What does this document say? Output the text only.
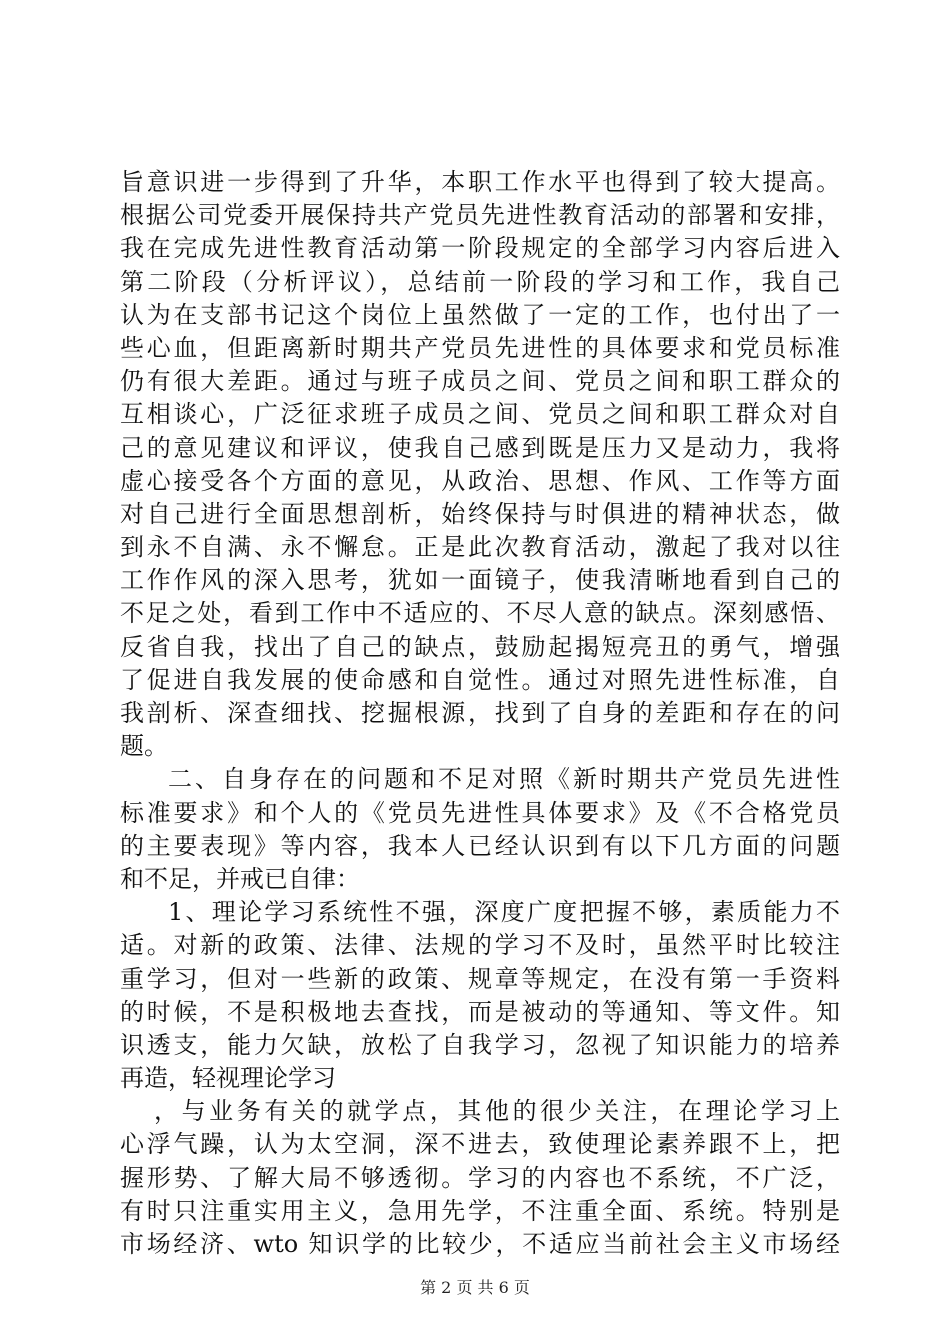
旨意识进一步得到了升华，本职工作水平也得到了较大提高。
根据公司党委开展保持共产党员先进性教育活动的部署和安排，
我在完成先进性教育活动第一阶段规定的全部学习内容后进入
第二阶段（分析评议），总结前一阶段的学习和工作，我自己
认为在支部书记这个岗位上虽然做了一定的工作，也付出了一
些心血，但距离新时期共产党员先进性的具体要求和党员标准
仍有很大差距。通过与班子成员之间、党员之间和职工群众的
互相谈心，广泛征求班子成员之间、党员之间和职工群众对自
己的意见建议和评议，使我自己感到既是压力又是动力，我将
虚心接受各个方面的意见，从政治、思想、作风、工作等方面
对自己进行全面思想剖析，始终保持与时俱进的精神状态，做
到永不自满、永不懈怠。正是此次教育活动，激起了我对以往
工作作风的深入思考，犹如一面镜子，使我清晰地看到自己的
不足之处，看到工作中不适应的、不尽人意的缺点。深刻感悟、
反省自我，找出了自己的缺点，鼓励起揭短亮丑的勇气，增强
了促进自我发展的使命感和自觉性。通过对照先进性标准，自
我剖析、深查细找、挖掘根源，找到了自身的差距和存在的问
题。
二、自身存在的问题和不足对照《新时期共产党员先进性
标准要求》和个人的《党员先进性具体要求》及《不合格党员
的主要表现》等内容，我本人已经认识到有以下几方面的问题
和不足，并戒已自律：
1、理论学习系统性不强，深度广度把握不够，素质能力不
适。对新的政策、法律、法规的学习不及时，虽然平时比较注
重学习，但对一些新的政策、规章等规定，在没有第一手资料
的时候，不是积极地去查找，而是被动的等通知、等文件。知
识透支，能力欠缺，放松了自我学习，忽视了知识能力的培养
再造，轻视理论学习
，与业务有关的就学点，其他的很少关注，在理论学习上
心浮气躁，认为太空洞，深不进去，致使理论素养跟不上，把
握形势、了解大局不够透彻。学习的内容也不系统，不广泛，
有时只注重实用主义，急用先学，不注重全面、系统。特别是
市场经济、wto 知识学的比较少，不适应当前社会主义市场经
第 2 页 共 6 页
